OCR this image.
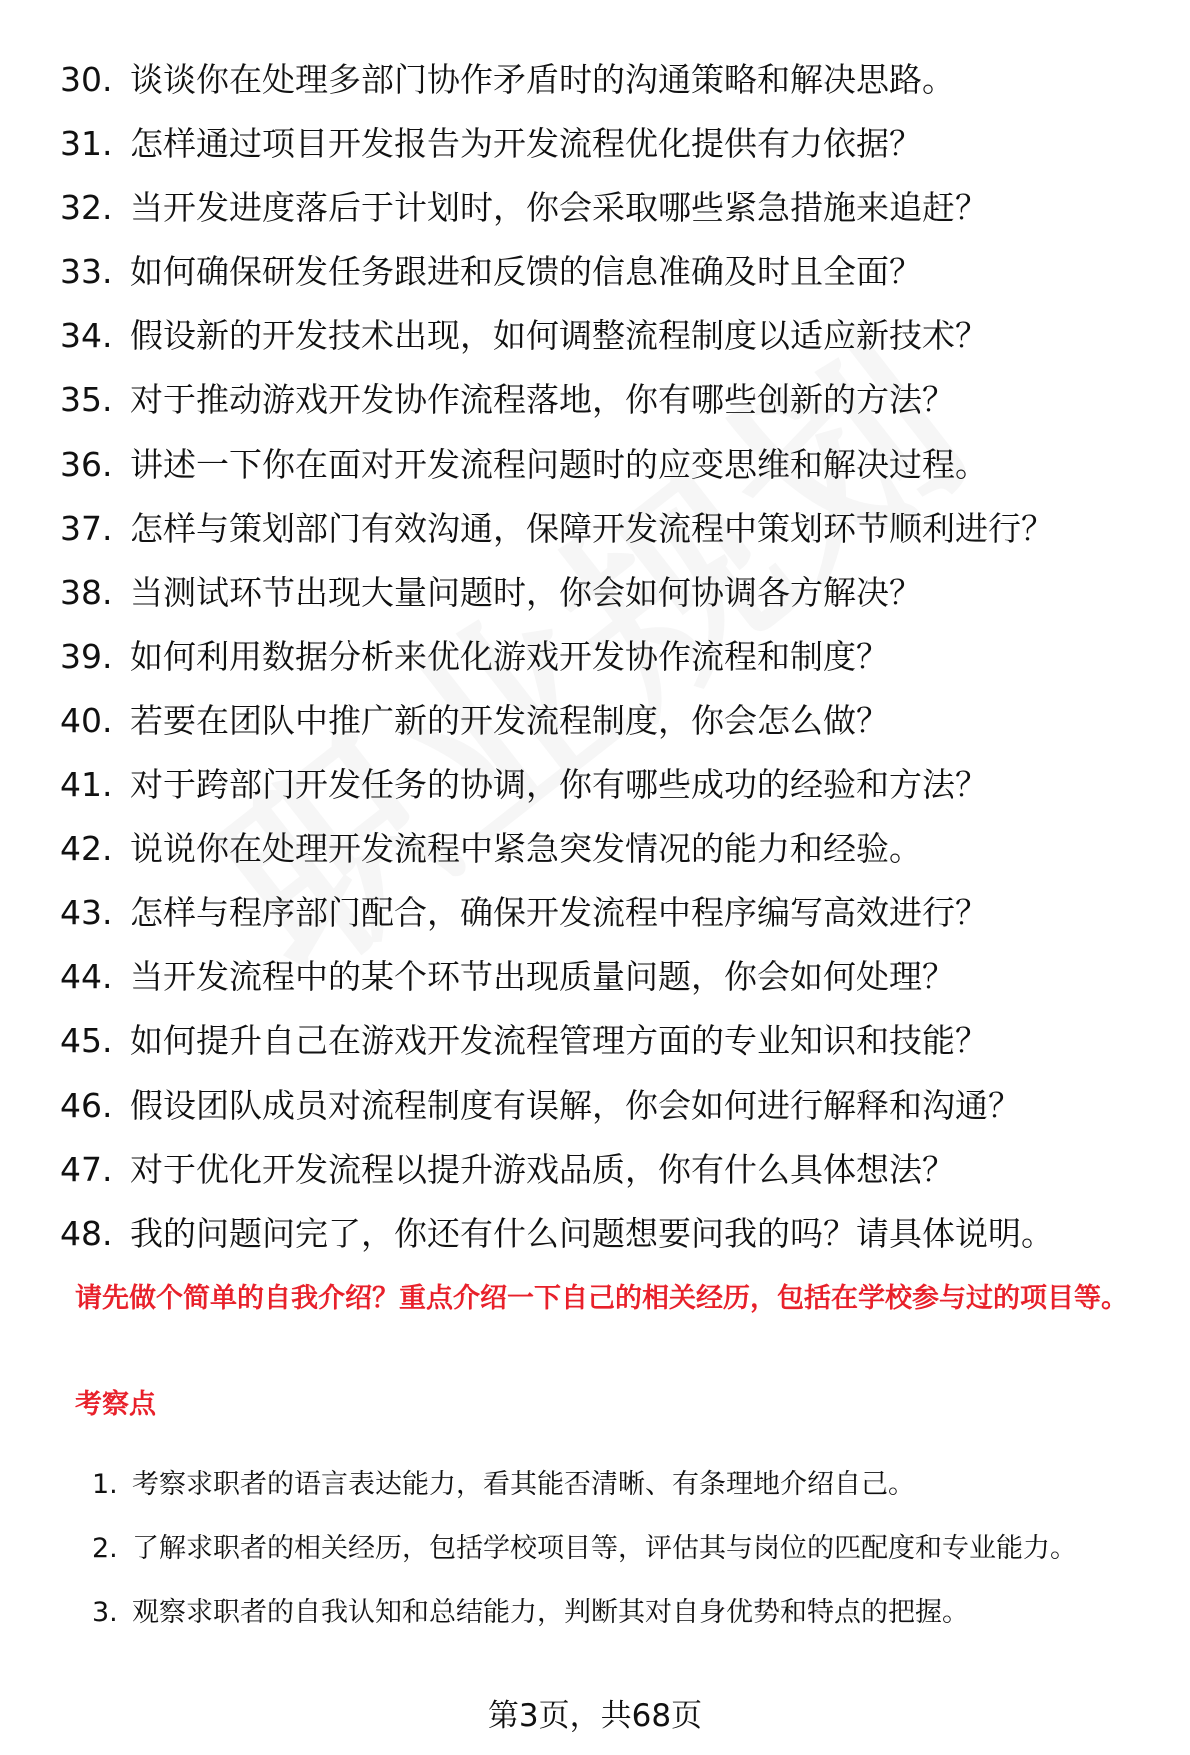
30. 谈谈你在处理多部门协作矛盾时的沟通策略和解决思路。
31. 怎样通过项目开发报告为开发流程优化提供有力依据？
32. 当开发进度落后于计划时，你会采取哪些紧急措施来追赶？
33. 如何确保研发任务跟进和反馈的信息准确及时且全面？
34. 假设新的开发技术出现，如何调整流程制度以适应新技术？
35. 对于推动游戏开发协作流程落地，你有哪些创新的方法？
36. 讲述一下你在面对开发流程问题时的应变思维和解决过程。
37. 怎样与策划部门有效沟通，保障开发流程中策划环节顺利进行？
38. 当测试环节出现大量问题时，你会如何协调各方解决？
39. 如何利用数据分析来优化游戏开发协作流程和制度？
40. 若要在团队中推广新的开发流程制度，你会怎么做？
41. 对于跨部门开发任务的协调，你有哪些成功的经验和方法？
42. 说说你在处理开发流程中紧急突发情况的能力和经验。
43. 怎样与程序部门配合，确保开发流程中程序编写高效进行？
44. 当开发流程中的某个环节出现质量问题，你会如何处理？
45. 如何提升自己在游戏开发流程管理方面的专业知识和技能？
46. 假设团队成员对流程制度有误解，你会如何进行解释和沟通？
47. 对于优化开发流程以提升游戏品质，你有什么具体想法？
48. 我的问题问完了，你还有什么问题想要问我的吗？请具体说明。
请先做个简单的自我介绍？重点介绍一下自己的相关经历，包括在学校参与过的项目等。
考察点
1. 考察求职者的语言表达能力，看其能否清晰、有条理地介绍自己。
2. 了解求职者的相关经历，包括学校项目等，评估其与岗位的匹配度和专业能力。
3. 观察求职者的自我认知和总结能力，判断其对自身优势和特点的把握。
第3页，共68页
